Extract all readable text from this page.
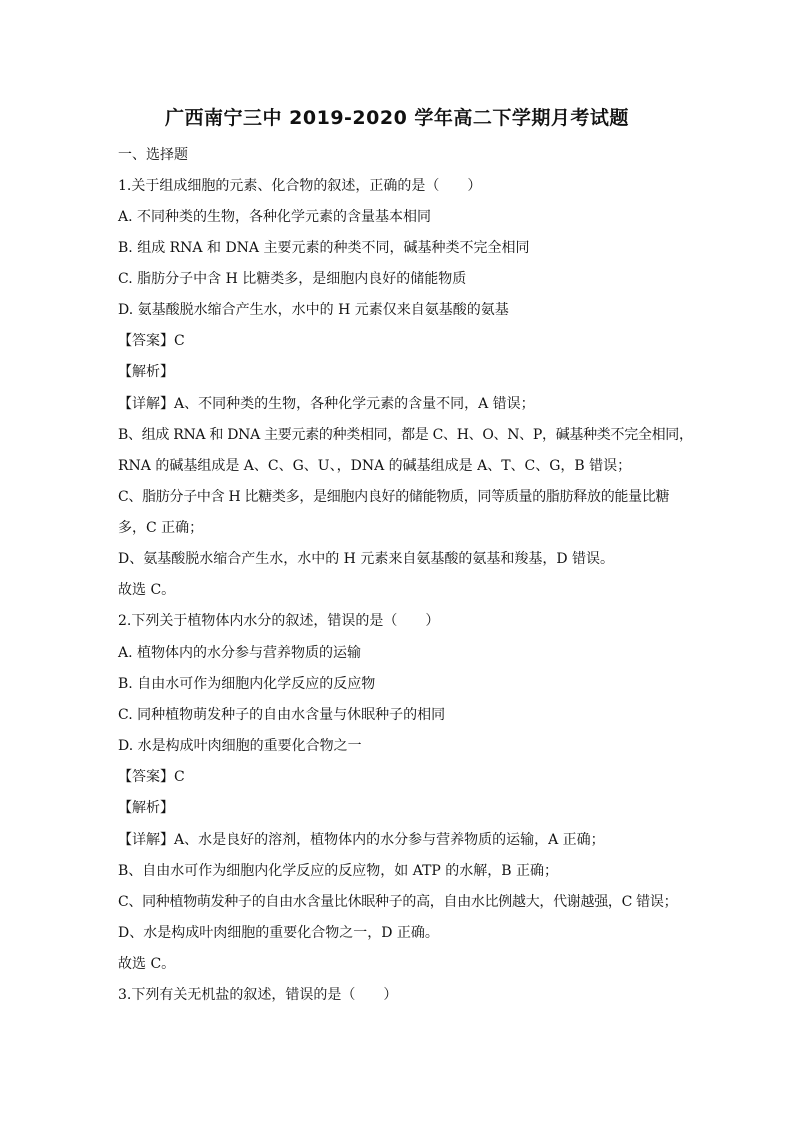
广西南宁三中 2019-2020 学年高二下学期月考试题
一、选择题
1.关于组成细胞的元素、化合物的叙述，正确的是（　　）
A. 不同种类的生物，各种化学元素的含量基本相同
B. 组成 RNA 和 DNA 主要元素的种类不同，碱基种类不完全相同
C. 脂肪分子中含 H 比糖类多，是细胞内良好的储能物质
D. 氨基酸脱水缩合产生水，水中的 H 元素仅来自氨基酸的氨基
【答案】C
【解析】
【详解】A、不同种类的生物，各种化学元素的含量不同，A 错误；
B、组成 RNA 和 DNA 主要元素的种类相同，都是 C、H、O、N、P，碱基种类不完全相同，
RNA 的碱基组成是 A、C、G、U、，DNA 的碱基组成是 A、T、C、G，B 错误；
C、脂肪分子中含 H 比糖类多，是细胞内良好的储能物质，同等质量的脂肪释放的能量比糖
多，C 正确；
D、氨基酸脱水缩合产生水，水中的 H 元素来自氨基酸的氨基和羧基，D 错误。
故选 C。
2.下列关于植物体内水分的叙述，错误的是（　　）
A. 植物体内的水分参与营养物质的运输
B. 自由水可作为细胞内化学反应的反应物
C. 同种植物萌发种子的自由水含量与休眠种子的相同
D. 水是构成叶肉细胞的重要化合物之一
【答案】C
【解析】
【详解】A、水是良好的溶剂，植物体内的水分参与营养物质的运输，A 正确；
B、自由水可作为细胞内化学反应的反应物，如 ATP 的水解，B 正确；
C、同种植物萌发种子的自由水含量比休眠种子的高，自由水比例越大，代谢越强，C 错误；
D、水是构成叶肉细胞的重要化合物之一，D 正确。
故选 C。
3.下列有关无机盐的叙述，错误的是（　　）
